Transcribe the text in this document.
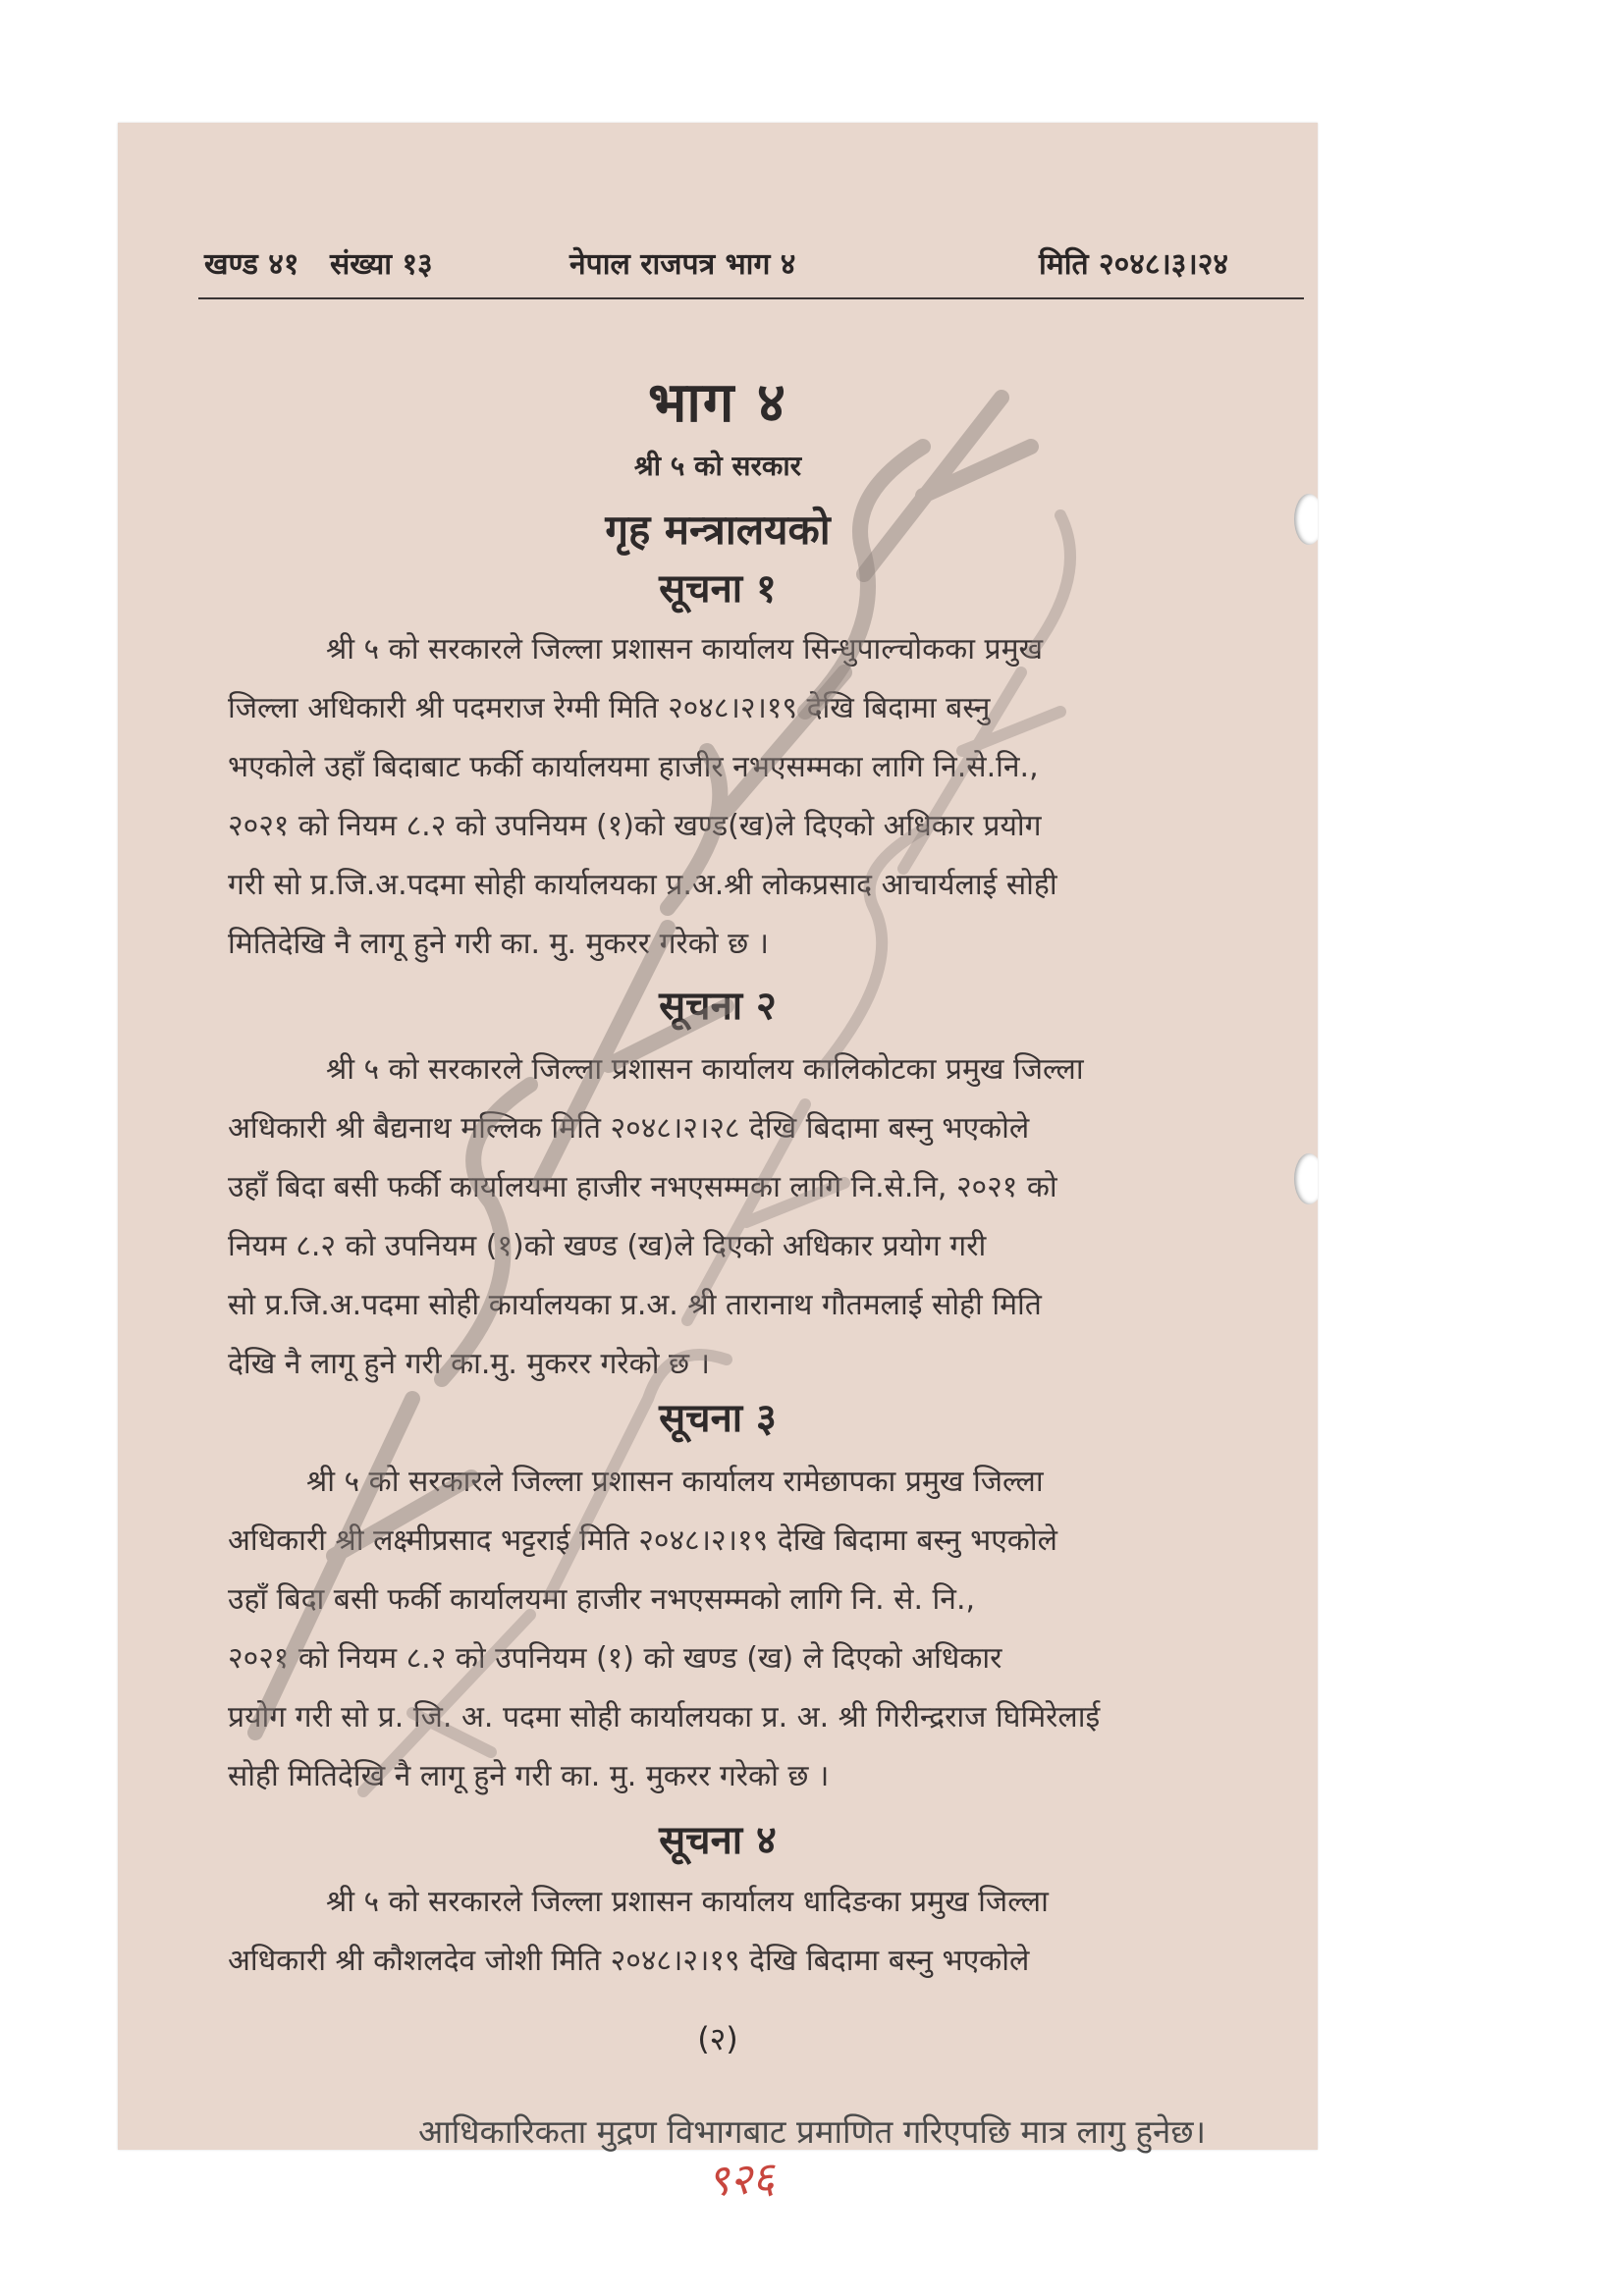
खण्ड ४१ संख्या १३	नेपाल राजपत्र भाग ४	मिति २०४८।३।२४
भाग ४
श्री ५ को सरकार
गृह मन्त्रालयको
सूचना १
श्री ५ को सरकारले जिल्ला प्रशासन कार्यालय सिन्धुपाल्चोकका प्रमुख
जिल्ला अधिकारी श्री पदमराज रेग्मी मिति २०४८।२।१९ देखि बिदामा बस्नु
भएकोले उहाँ बिदाबाट फर्की कार्यालयमा हाजीर नभएसम्मका लागि नि.से.नि.,
२०२१ को नियम ८.२ को उपनियम (१)को खण्ड(ख)ले दिएको अधिकार प्रयोग
गरी सो प्र.जि.अ.पदमा सोही कार्यालयका प्र.अ.श्री लोकप्रसाद आचार्यलाई सोही
मितिदेखि नै लागू हुने गरी का. मु. मुकरर गरेको छ ।
सूचना २
श्री ५ को सरकारले जिल्ला प्रशासन कार्यालय कालिकोटका प्रमुख जिल्ला
अधिकारी श्री बैद्यनाथ मल्लिक मिति २०४८।२।२८ देखि बिदामा बस्नु भएकोले
उहाँ बिदा बसी फर्की कार्यालयमा हाजीर नभएसम्मका लागि नि.से.नि, २०२१ को
नियम ८.२ को उपनियम (१)को खण्ड (ख)ले दिएको अधिकार प्रयोग गरी
सो प्र.जि.अ.पदमा सोही कार्यालयका प्र.अ. श्री तारानाथ गौतमलाई सोही मिति
देखि नै लागू हुने गरी का.मु. मुकरर गरेको छ ।
सूचना ३
श्री ५ को सरकारले जिल्ला प्रशासन कार्यालय रामेछापका प्रमुख जिल्ला
अधिकारी श्री लक्ष्मीप्रसाद भट्टराई मिति २०४८।२।१९ देखि बिदामा बस्नु भएकोले
उहाँ बिदा बसी फर्की कार्यालयमा हाजीर नभएसम्मको लागि नि. से. नि.,
२०२१ को नियम ८.२ को उपनियम (१) को खण्ड (ख) ले दिएको अधिकार
प्रयोग गरी सो प्र. जि. अ. पदमा सोही कार्यालयका प्र. अ. श्री गिरीन्द्रराज घिमिरेलाई
सोही मितिदेखि नै लागू हुने गरी का. मु. मुकरर गरेको छ ।
सूचना ४
श्री ५ को सरकारले जिल्ला प्रशासन कार्यालय धादिङका प्रमुख जिल्ला
अधिकारी श्री कौशलदेव जोशी मिति २०४८।२।१९ देखि बिदामा बस्नु भएकोले
(२)
आधिकारिकता मुद्रण विभागबाट प्रमाणित गरिएपछि मात्र लागु हुनेछ।
९२६
